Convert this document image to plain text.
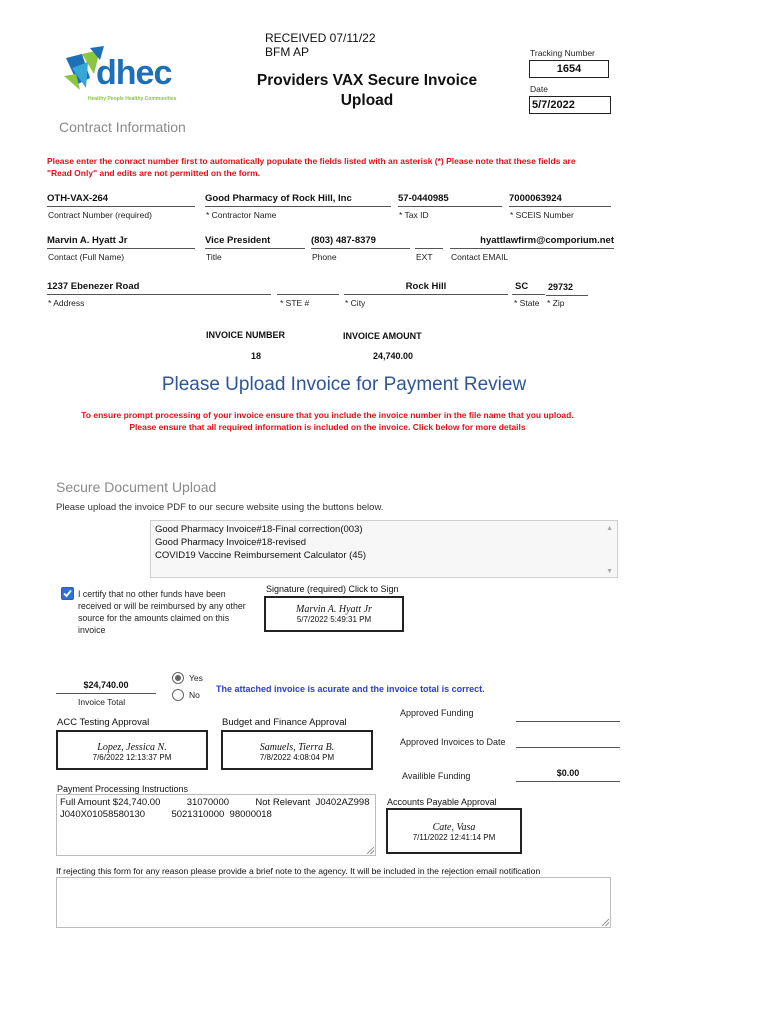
dhec
Healthy People Healthy Communities
RECEIVED 07/11/22
BFM AP
Providers VAX Secure Invoice
Upload
Tracking Number
1654
Date
5/7/2022
Contract Information
Please enter the conract number first to automatically populate the fields listed with an asterisk (*) Please note that these fields are "Read Only" and edits are not permitted on the form.
OTH-VAX-264
Contract Number (required)
Good Pharmacy of Rock Hill, Inc
* Contractor Name
57-0440985
* Tax ID
7000063924
* SCEIS Number
Marvin A. Hyatt Jr
Contact (Full Name)
Vice President
Title
(803) 487-8379
Phone	EXT
hyattlawfirm@comporium.net
Contact EMAIL
1237 Ebenezer Road
* Address	* STE #
Rock Hill
* City
SC
* State
29732
* Zip
INVOICE NUMBER
18
INVOICE AMOUNT
24,740.00
Please Upload Invoice for Payment Review
To ensure prompt processing of your invoice ensure that you include the invoice number in the file name that you upload.
Please ensure that all required information is included on the invoice. Click below for more details
Secure Document Upload
Please upload the invoice PDF to our secure website using the buttons below.
Good Pharmacy Invoice#18-Final correction(003)
Good Pharmacy Invoice#18-revised
COVID19 Vaccine Reimbursement Calculator (45)
▲
▼
I certify that no other funds have been received or will be reimbursed by any other source for the amounts claimed on this invoice
Signature (required) Click to Sign
Marvin A. Hyatt Jr
5/7/2022 5:49:31 PM
$24,740.00
Invoice Total
Yes
No
The attached invoice is acurate and the invoice total is correct.
ACC Testing Approval
Lopez, Jessica N.
7/6/2022 12:13:37 PM
Budget and Finance Approval
Samuels, Tierra B.
7/8/2022 4:08:04 PM
Approved Funding
Approved Invoices to Date
Availible Funding	$0.00
Payment Processing Instructions
Full Amount $24,740.00          31070000          Not Relevant  J0402AZ998
J040X01058580130          5021310000  98000018
Accounts Payable Approval
Cate, Vasa
7/11/2022 12:41:14 PM
If rejecting this form for any reason please provide a brief note to the agency. It will be included in the rejection email notification
